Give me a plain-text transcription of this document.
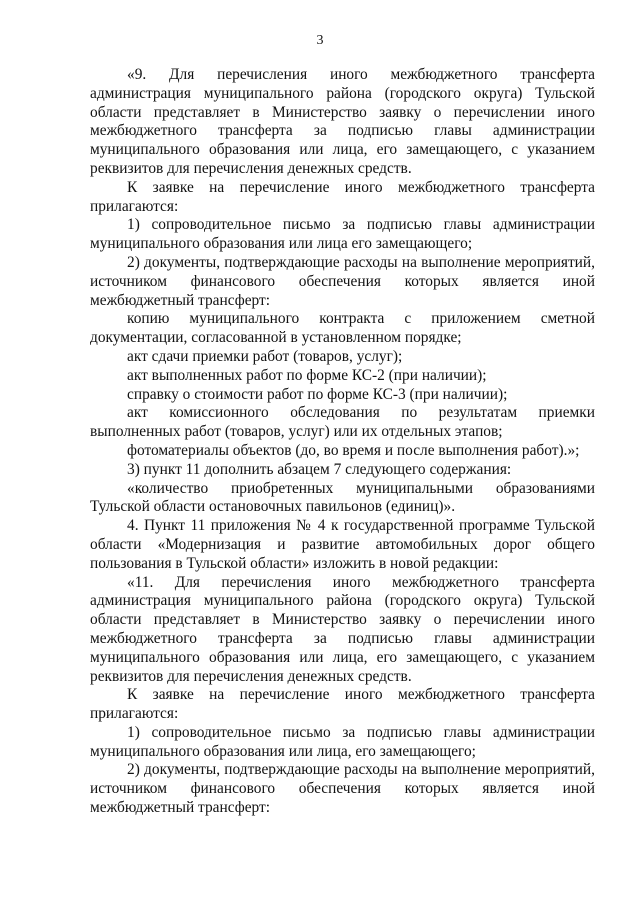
3

«9. Для перечисления иного межбюджетного трансферта администрация муниципального района (городского округа) Тульской области представляет в Министерство заявку о перечислении иного межбюджетного трансферта за подписью главы администрации муниципального образования или лица, его замещающего, с указанием реквизитов для перечисления денежных средств.

К заявке на перечисление иного межбюджетного трансферта прилагаются:

1) сопроводительное письмо за подписью главы администрации муниципального образования или лица его замещающего;

2) документы, подтверждающие расходы на выполнение мероприятий, источником финансового обеспечения которых является иной межбюджетный трансферт:

копию муниципального контракта с приложением сметной документации, согласованной в установленном порядке;

акт сдачи приемки работ (товаров, услуг);

акт выполненных работ по форме КС-2 (при наличии);

справку о стоимости работ по форме КС-3 (при наличии);

акт комиссионного обследования по результатам приемки выполненных работ (товаров, услуг) или их отдельных этапов;

фотоматериалы объектов (до, во время и после выполнения работ).»;

3) пункт 11 дополнить абзацем 7 следующего содержания:

«количество приобретенных муниципальными образованиями Тульской области остановочных павильонов (единиц)».

4. Пункт 11 приложения № 4 к государственной программе Тульской области «Модернизация и развитие автомобильных дорог общего пользования в Тульской области» изложить в новой редакции:

«11. Для перечисления иного межбюджетного трансферта администрация муниципального района (городского округа) Тульской области представляет в Министерство заявку о перечислении иного межбюджетного трансферта за подписью главы администрации муниципального образования или лица, его замещающего, с указанием реквизитов для перечисления денежных средств.

К заявке на перечисление иного межбюджетного трансферта прилагаются:

1) сопроводительное письмо за подписью главы администрации муниципального образования или лица, его замещающего;

2) документы, подтверждающие расходы на выполнение мероприятий, источником финансового обеспечения которых является иной межбюджетный трансферт:
